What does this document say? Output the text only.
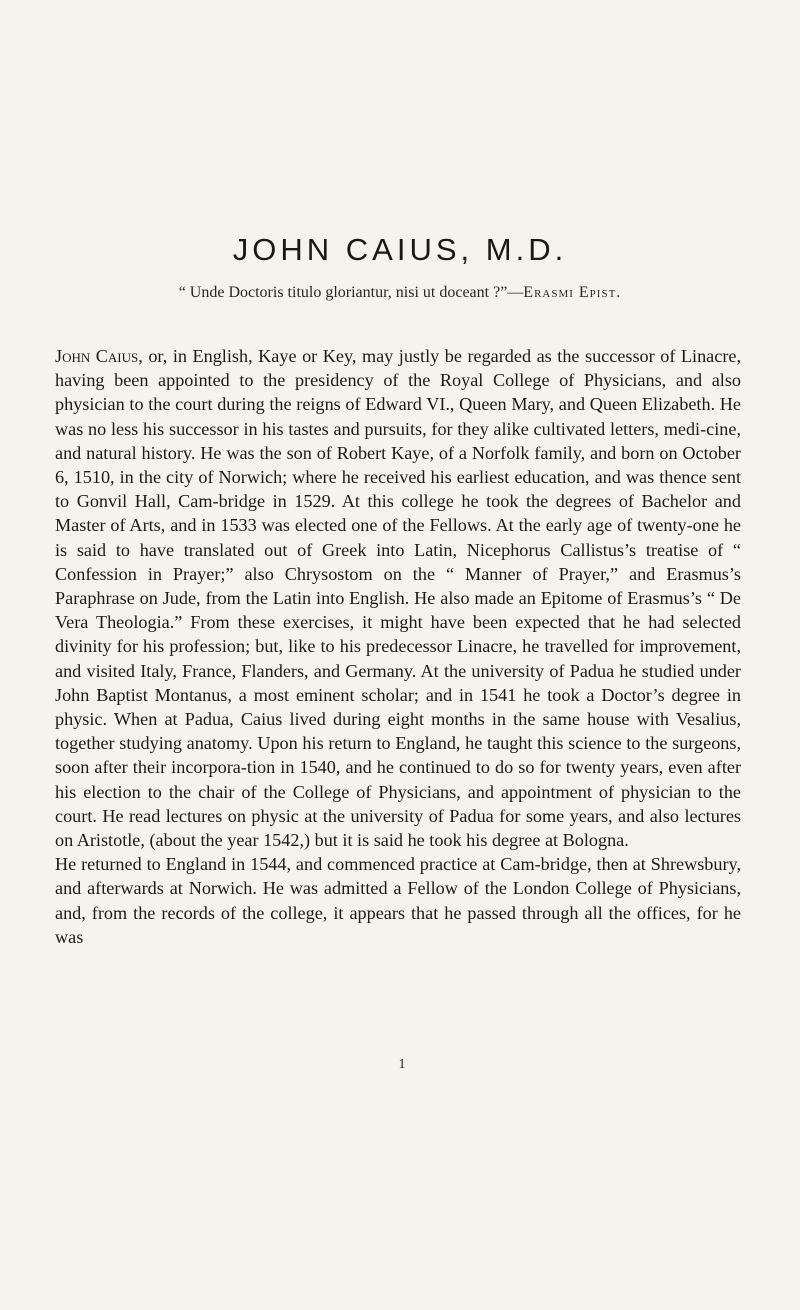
JOHN CAIUS, M.D.

“ Unde Doctoris titulo gloriantur, nisi ut doceant ?”—Erasmi Epist.

John Caius, or, in English, Kaye or Key, may justly be regarded as the successor of Linacre, having been appointed to the presidency of the Royal College of Physicians, and also physician to the court during the reigns of Edward VI., Queen Mary, and Queen Elizabeth. He was no less his successor in his tastes and pursuits, for they alike cultivated letters, medi-cine, and natural history. He was the son of Robert Kaye, of a Norfolk family, and born on October 6, 1510, in the city of Norwich; where he received his earliest education, and was thence sent to Gonvil Hall, Cam-bridge in 1529. At this college he took the degrees of Bachelor and Master of Arts, and in 1533 was elected one of the Fellows. At the early age of twenty-one he is said to have translated out of Greek into Latin, Nicephorus Callistus’s treatise of “ Confession in Prayer;” also Chrysostom on the “ Manner of Prayer,” and Erasmus’s Paraphrase on Jude, from the Latin into English. He also made an Epitome of Erasmus’s “ De Vera Theologia.” From these exercises, it might have been expected that he had selected divinity for his profession; but, like to his predecessor Linacre, he travelled for improvement, and visited Italy, France, Flanders, and Germany. At the university of Padua he studied under John Baptist Montanus, a most eminent scholar; and in 1541 he took a Doctor’s degree in physic. When at Padua, Caius lived during eight months in the same house with Vesalius, together studying anatomy. Upon his return to England, he taught this science to the surgeons, soon after their incorpora-tion in 1540, and he continued to do so for twenty years, even after his election to the chair of the College of Physicians, and appointment of physician to the court. He read lectures on physic at the university of Padua for some years, and also lectures on Aristotle, (about the year 1542,) but it is said he took his degree at Bologna.

He returned to England in 1544, and commenced practice at Cam-bridge, then at Shrewsbury, and afterwards at Norwich. He was admitted a Fellow of the London College of Physicians, and, from the records of the college, it appears that he passed through all the offices, for he was

1
